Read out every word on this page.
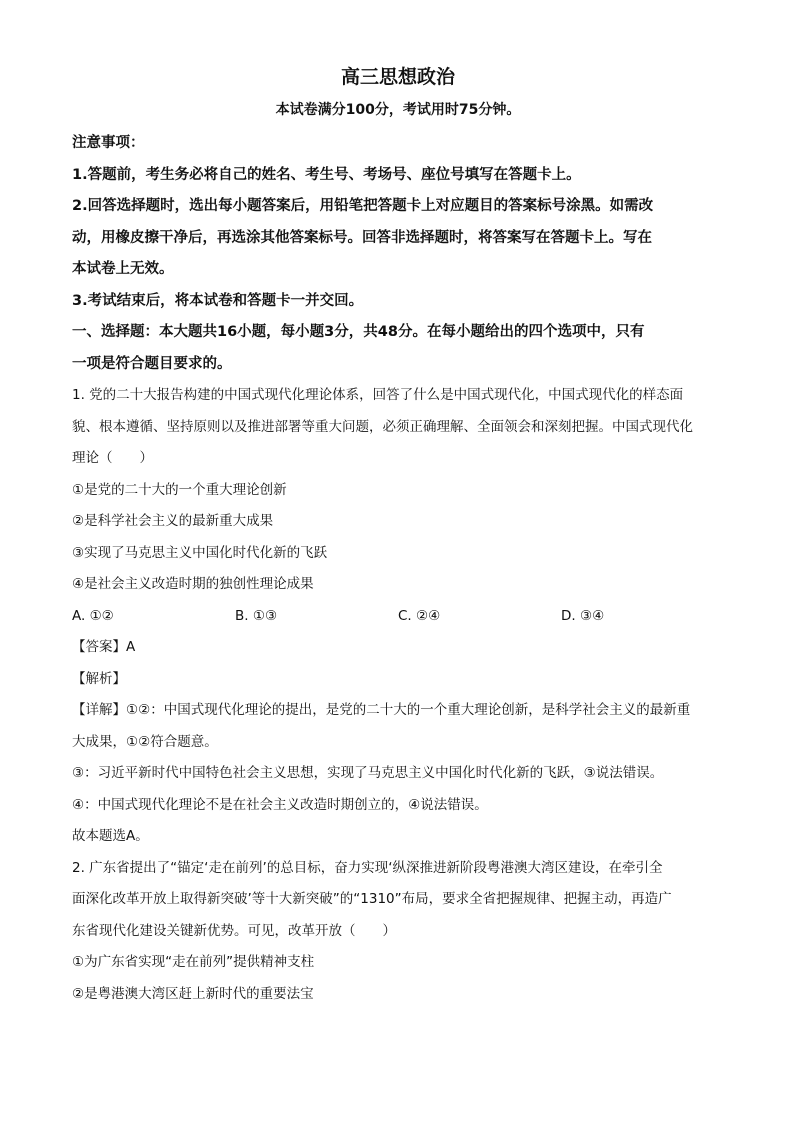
高三思想政治
本试卷满分100分，考试用时75分钟。

注意事项：

1.答题前，考生务必将自己的姓名、考生号、考场号、座位号填写在答题卡上。

2.回答选择题时，选出每小题答案后，用铅笔把答题卡上对应题目的答案标号涂黑。如需改

动，用橡皮擦干净后，再选涂其他答案标号。回答非选择题时，将答案写在答题卡上。写在

本试卷上无效。

3.考试结束后，将本试卷和答题卡一并交回。

一、选择题：本大题共16小题，每小题3分，共48分。在每小题给出的四个选项中，只有

一项是符合题目要求的。

1. 党的二十大报告构建的中国式现代化理论体系，回答了什么是中国式现代化，中国式现代化的样态面

貌、根本遵循、坚持原则以及推进部署等重大问题，必须正确理解、全面领会和深刻把握。中国式现代化

理论（　　）

①是党的二十大的一个重大理论创新

②是科学社会主义的最新重大成果

③实现了马克思主义中国化时代化新的飞跃

④是社会主义改造时期的独创性理论成果

A. ①②	B. ①③	C. ②④	D. ③④

【答案】A

【解析】

【详解】①②：中国式现代化理论的提出，是党的二十大的一个重大理论创新，是科学社会主义的最新重

大成果，①②符合题意。

③：习近平新时代中国特色社会主义思想，实现了马克思主义中国化时代化新的飞跃，③说法错误。

④：中国式现代化理论不是在社会主义改造时期创立的，④说法错误。

故本题选A。

2. 广东省提出了“锚定‘走在前列’的总目标，奋力实现‘纵深推进新阶段粤港澳大湾区建设，在牵引全

面深化改革开放上取得新突破’等十大新突破”的“1310”布局，要求全省把握规律、把握主动，再造广

东省现代化建设关键新优势。可见，改革开放（　　）

①为广东省实现“走在前列”提供精神支柱

②是粤港澳大湾区赶上新时代的重要法宝
